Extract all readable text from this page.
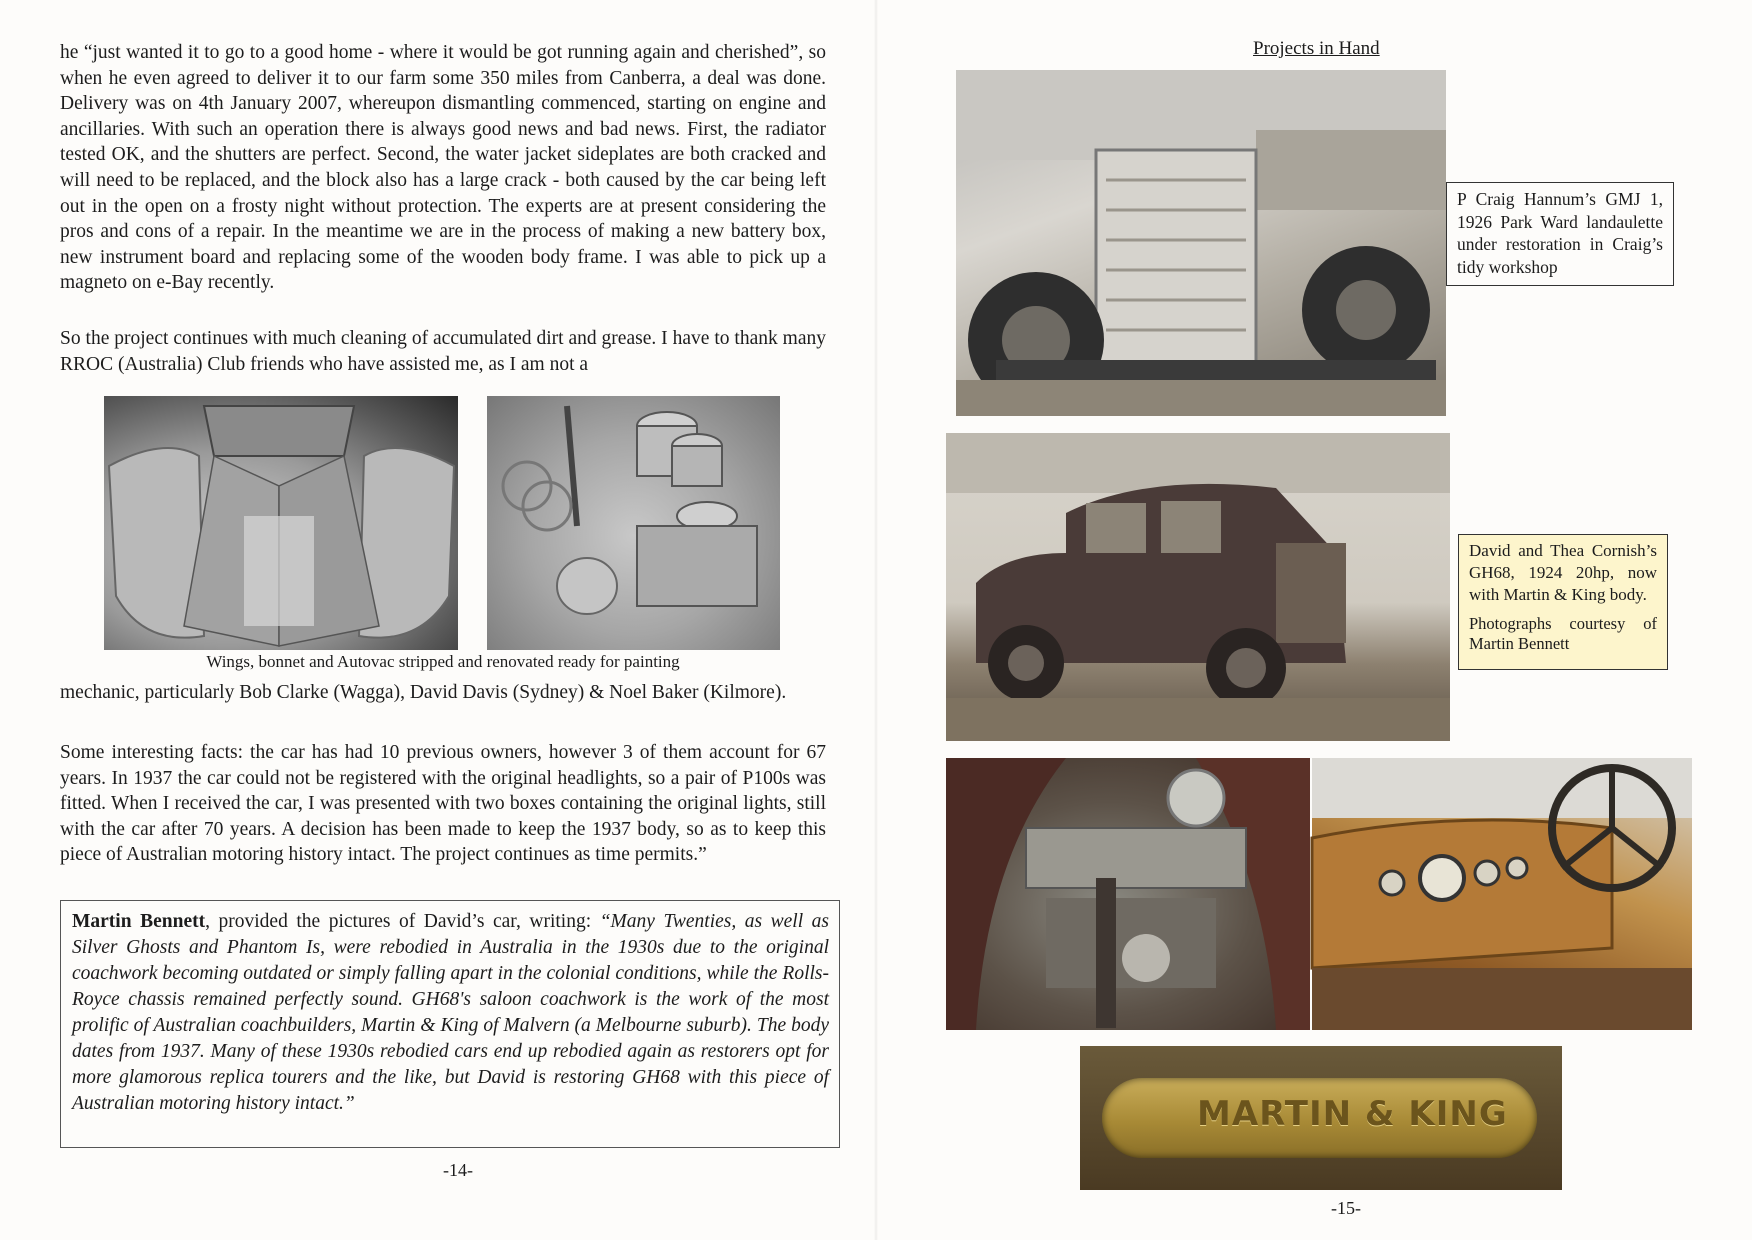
he “just wanted it to go to a good home - where it would be got running again and cherished”, so when he even agreed to deliver it to our farm some 350 miles from Canberra, a deal was done. Delivery was on 4th January 2007, whereupon dismantling commenced, starting on engine and ancillaries. With such an operation there is always good news and bad news. First, the radiator tested OK, and the shutters are perfect. Second, the water jacket sideplates are both cracked and will need to be replaced, and the block also has a large crack - both caused by the car being left out in the open on a frosty night without protection. The experts are at present considering the pros and cons of a repair. In the meantime we are in the process of making a new battery box, new instrument board and replacing some of the wooden body frame. I was able to pick up a magneto on e-Bay recently.

So the project continues with much cleaning of accumulated dirt and grease. I have to thank many RROC (Australia) Club friends who have assisted me, as I am not a

Wings, bonnet and Autovac stripped and renovated ready for painting

mechanic, particularly Bob Clarke (Wagga), David Davis (Sydney) & Noel Baker (Kilmore).

Some interesting facts: the car has had 10 previous owners, however 3 of them account for 67 years. In 1937 the car could not be registered with the original headlights, so a pair of P100s was fitted. When I received the car, I was presented with two boxes containing the original lights, still with the car after 70 years. A decision has been made to keep the 1937 body, so as to keep this piece of Australian motoring history intact. The project continues as time permits.”

Martin Bennett, provided the pictures of David’s car, writing: “Many Twenties, as well as Silver Ghosts and Phantom Is, were rebodied in Australia in the 1930s due to the original coachwork becoming outdated or simply falling apart in the colonial conditions, while the Rolls-Royce chassis remained perfectly sound. GH68's saloon coachwork is the work of the most prolific of Australian coachbuilders, Martin & King of Malvern (a Melbourne suburb). The body dates from 1937. Many of these 1930s rebodied cars end up rebodied again as restorers opt for more glamorous replica tourers and the like, but David is restoring GH68 with this piece of Australian motoring history intact.”
-14-
Projects in Hand
P Craig Hannum’s GMJ 1, 1926 Park Ward landaulette under restoration in Craig’s tidy workshop
David and Thea Cornish’s GH68, 1924 20hp, now with Martin & King body.
Photographs courtesy of Martin Bennett
MARTIN & KING
-15-
